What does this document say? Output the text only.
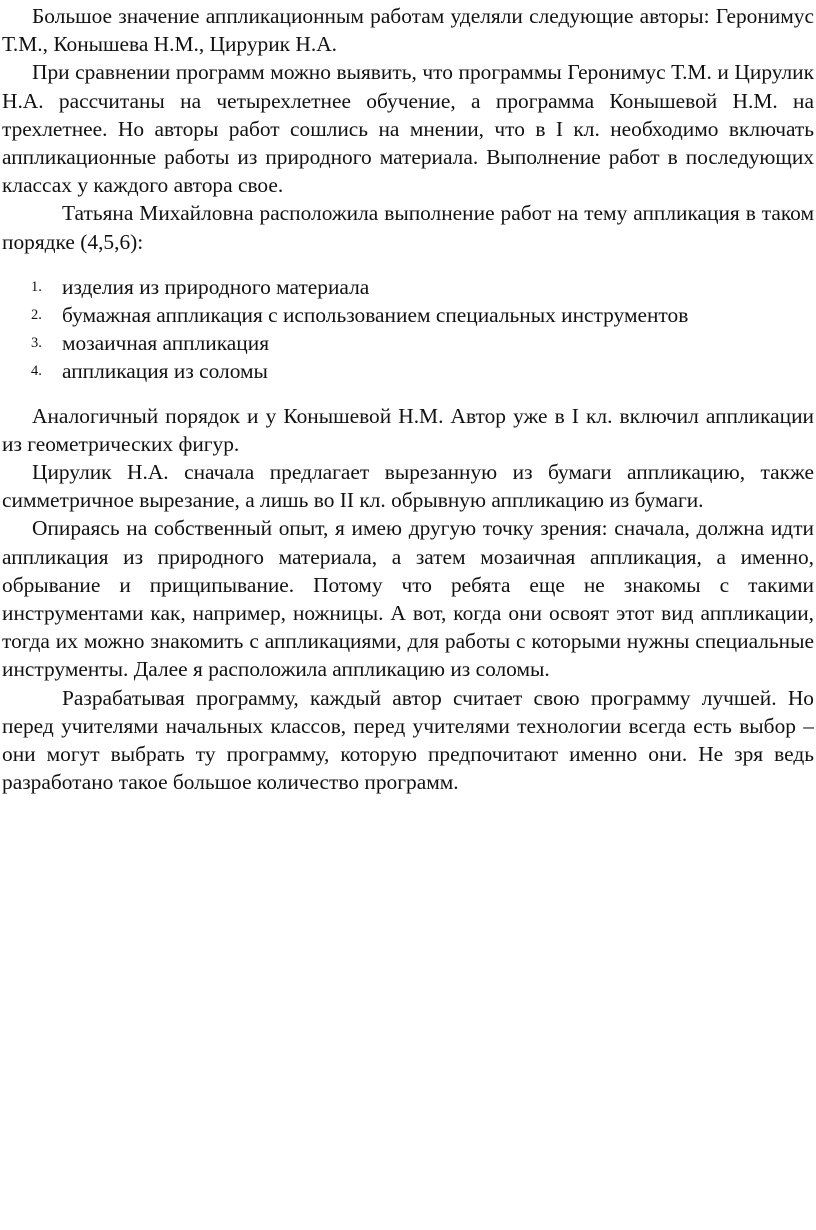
Большое значение аппликационным работам уделяли следующие авторы: Геронимус Т.М., Конышева Н.М., Цирурик Н.А.

При сравнении программ можно выявить, что программы Геронимус Т.М. и Цирулик Н.А. рассчитаны на четырехлетнее обучение, а программа Конышевой Н.М. на трехлетнее. Но авторы работ сошлись на мнении, что в I кл. необходимо включать аппликационные работы из природного материала. Выполнение работ в последующих классах у каждого автора свое.

Татьяна Михайловна расположила выполнение работ на тему аппликация в таком порядке (4,5,6):

1. изделия из природного материала
2. бумажная аппликация с использованием специальных инструментов
3. мозаичная аппликация
4. аппликация из соломы

Аналогичный порядок и у Конышевой Н.М. Автор уже в I кл. включил аппликации из геометрических фигур.

Цирулик Н.А. сначала предлагает вырезанную из бумаги аппликацию, также симметричное вырезание, а лишь во II кл. обрывную аппликацию из бумаги.

Опираясь на собственный опыт, я имею другую точку зрения: сначала, должна идти аппликация из природного материала, а затем мозаичная аппликация, а именно, обрывание и прищипывание. Потому что ребята еще не знакомы с такими инструментами как, например, ножницы. А вот, когда они освоят этот вид аппликации, тогда их можно знакомить с аппликациями, для работы с которыми нужны специальные инструменты. Далее я расположила аппликацию из соломы.

Разрабатывая программу, каждый автор считает свою программу лучшей. Но перед учителями начальных классов, перед учителями технологии всегда есть выбор – они могут выбрать ту программу, которую предпочитают именно они. Не зря ведь разработано такое большое количество программ.
